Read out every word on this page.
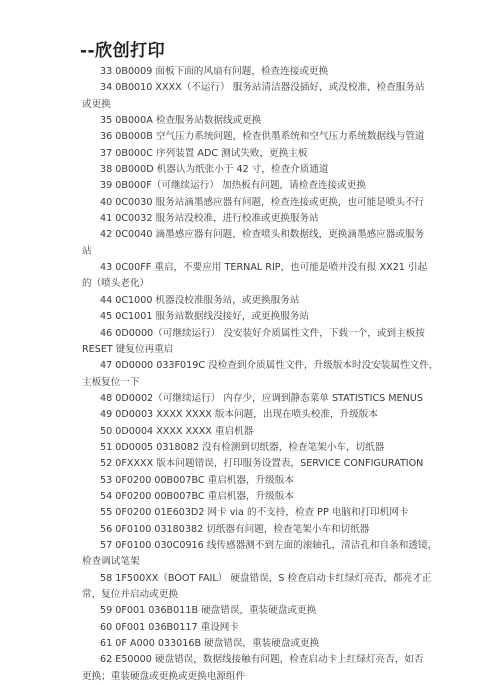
--欣创打印
33 0B0009 面板下面的风扇有问题，检查连接或更换
34 0B0010 XXXX（不运行） 服务站清洁器没插好，或没校准，检查服务站
或更换
35 0B000A 检查服务站数据线或更换
36 0B000B 空气压力系统问题，检查供墨系统和空气压力系统数据线与管道
37 0B000C 序列装置 ADC 测试失败，更换主板
38 0B000D 机器认为纸张小于 42 寸，检查介质通道
39 0B000F（可继续运行） 加热板有问题，请检查连接或更换
40 0C0030 服务站滴墨感应器有问题，检查连接或更换，也可能是喷头不行
41 0C0032 服务站没校准，进行校准或更换服务站
42 0C0040 滴墨感应器有问题，检查喷头和数据线，更换滴墨感应器或服务
站
43 0C00FF 重启，不要应用 TERNAL RIP，也可能是喷并没有报 XX21 引起
的（喷头老化）
44 0C1000 机器没校准服务站，或更换服务站
45 0C1001 服务站数据线没接好，或更换服务站
46 0D0000（可继续运行） 没安装好介质属性文件，下载一个，或到主板按
RESET 键复位再重启
47 0D0000 033F019C 没检查到介质属性文件，升级版本时没安装属性文件，
主板复位一下
48 0D0002（可继续运行） 内存少，应调到静态菜单 STATISTICS MENUS
49 0D0003 XXXX XXXX 版本问题，出现在喷头校准，升级版本
50 0D0004 XXXX XXXX 重启机器
51 0D0005 0318082 没有检测到切纸器，检查笔架小车，切纸器
52 0FXXXX 版本问题错误，打印服务设置表，SERVICE CONFIGURATION
53 0F0200 00B007BC 重启机器，升级版本
54 0F0200 00B007BC 重启机器，升级版本
55 0F0200 01E603D2 网卡 via 的不支持，检查 PP 电脑和打印机网卡
56 0F0100 03180382 切纸器有问题，检查笔架小车和切纸器
57 0F0100 030C0916 线传感器测不到左面的滚轴孔，清洁孔和自条和透镜，
检查调试笔架
58 1F500XX（BOOT FAIL） 硬盘错误，S 检查启动卡红绿灯亮否，都亮才正
常，复位并启动或更换
59 0F001 036B011B 硬盘错误，重装硬盘或更换
60 0F001 036B0117 重设网卡
61 0F A000 033016B 硬盘错误，重装硬盘或更换
62 E50000 硬盘错误，数据线接触有问题，检查启动卡上红绿灯亮否，如否
更换；重装硬盘或更换或更换电源组件
